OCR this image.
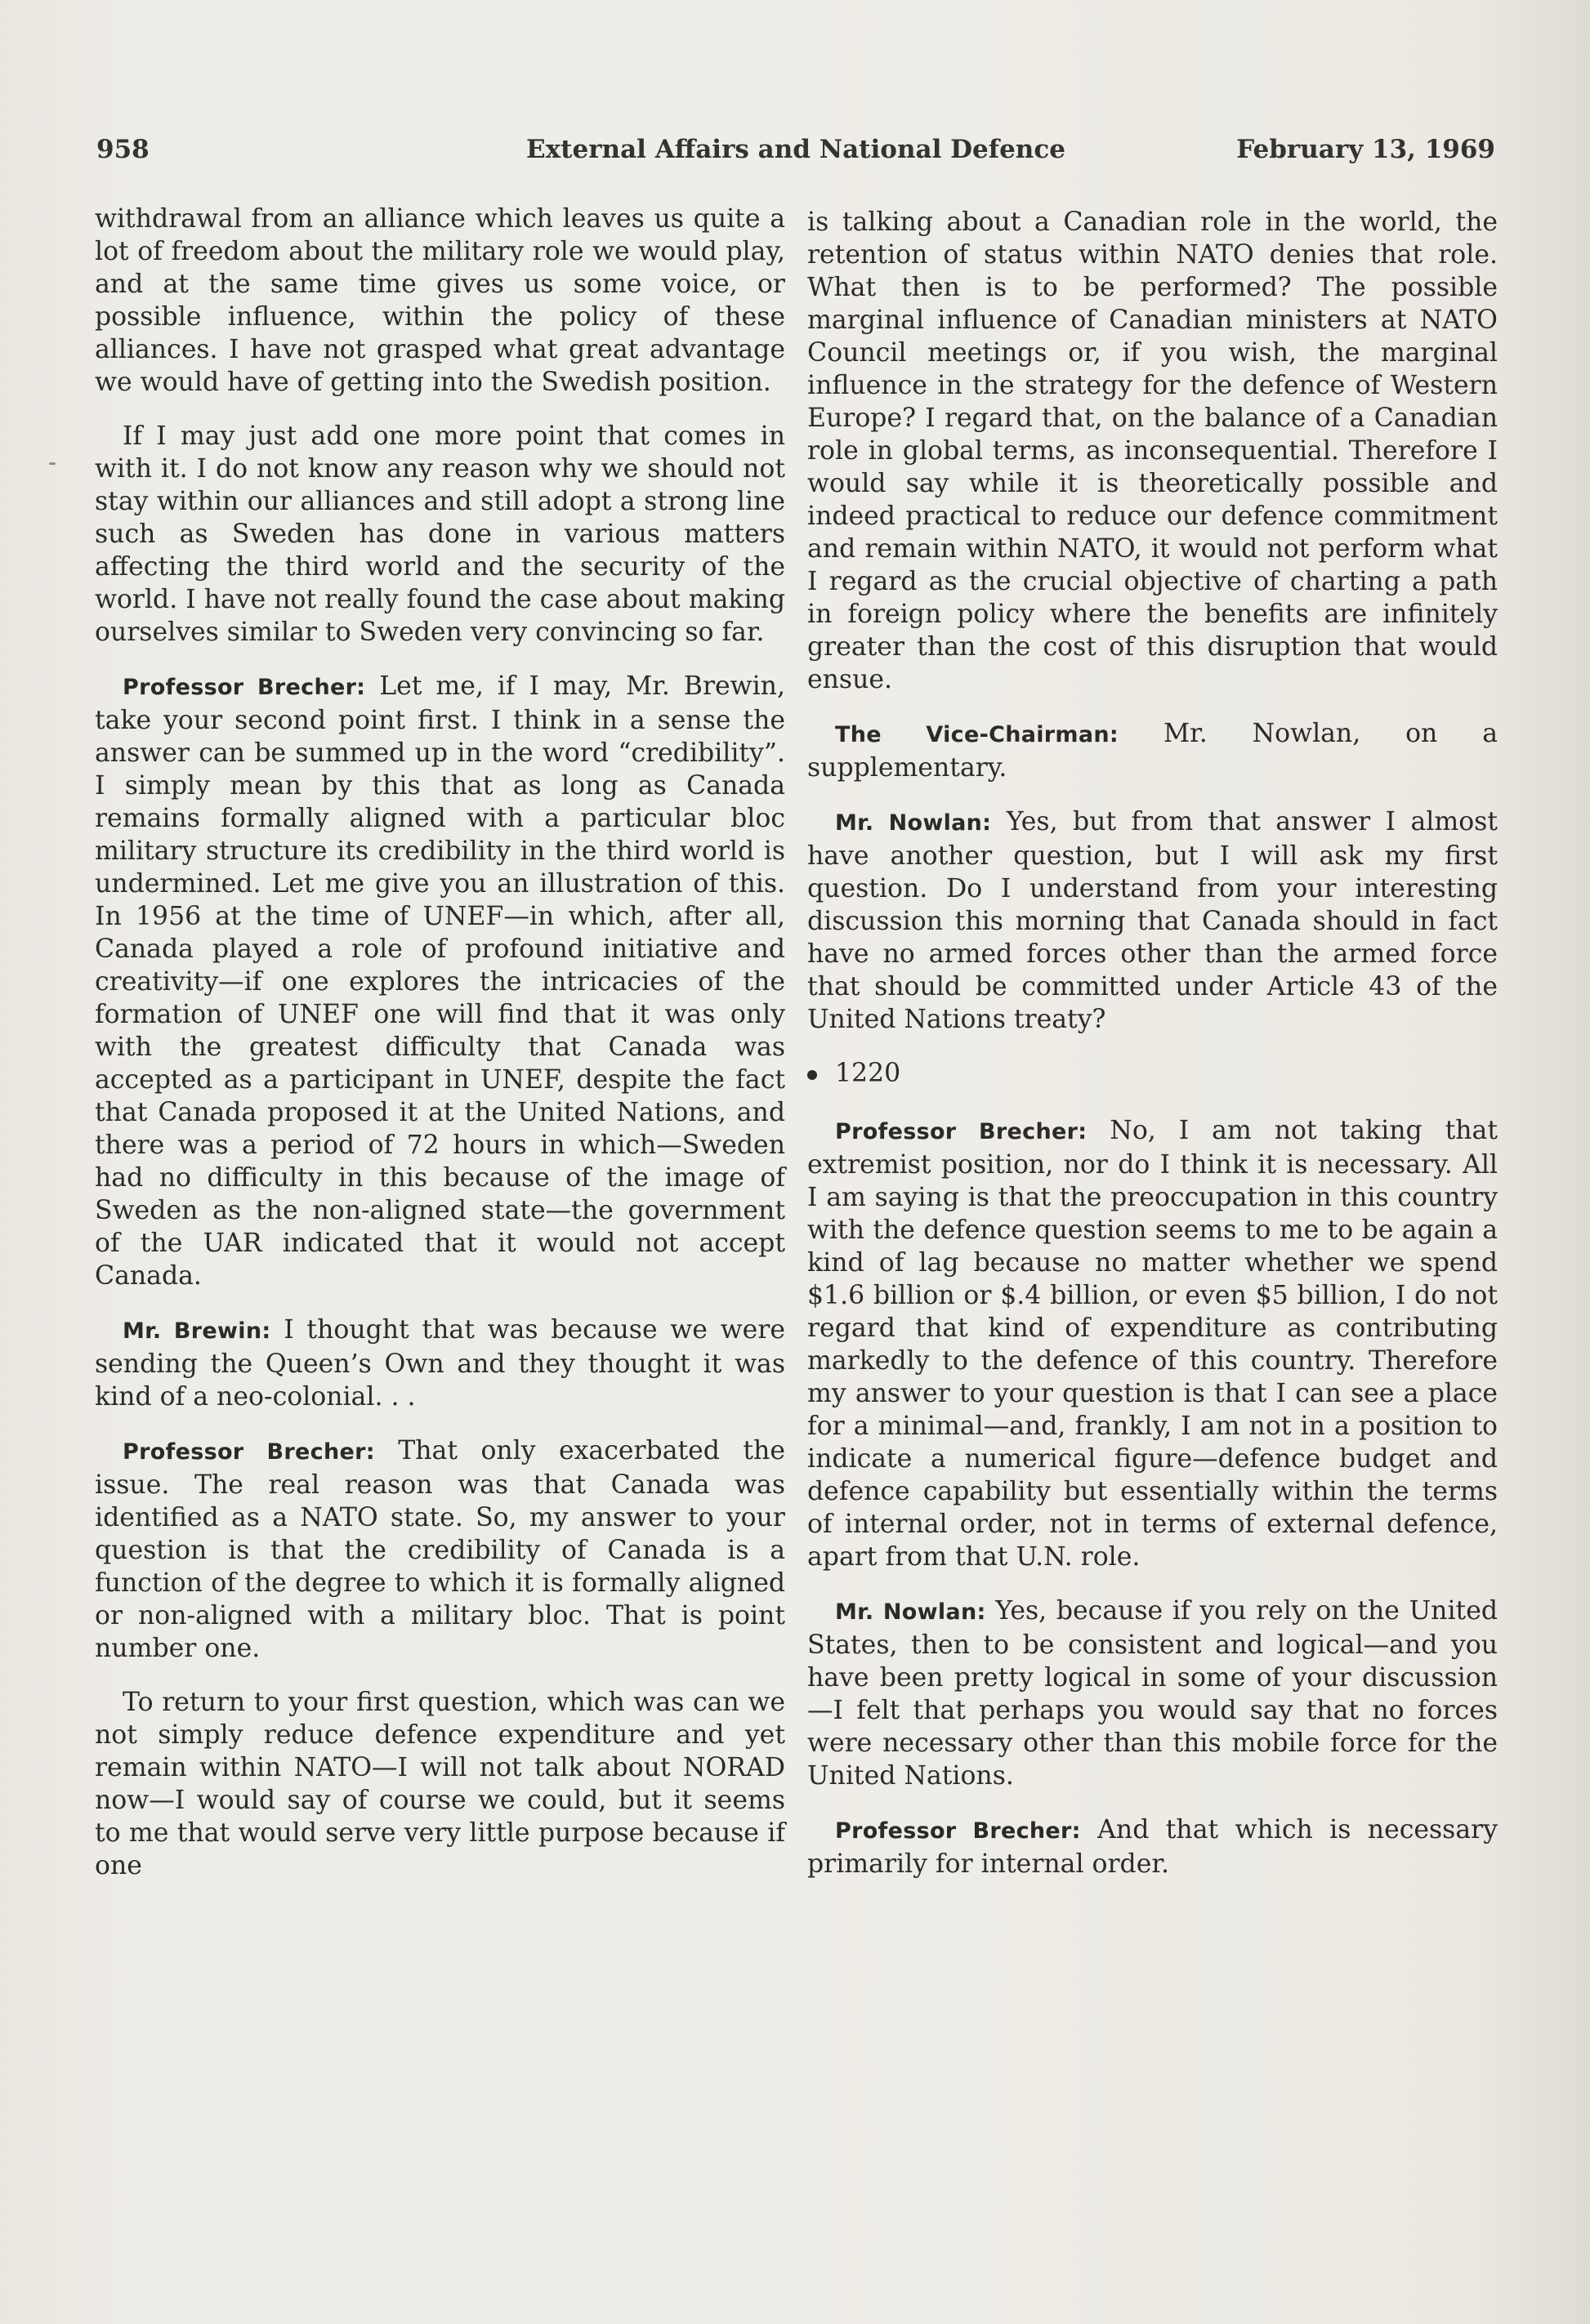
958	External Affairs and National Defence	February 13, 1969

withdrawal from an alliance which leaves us quite a lot of freedom about the military role we would play, and at the same time gives us some voice, or possible influence, within the policy of these alliances. I have not grasped what great advantage we would have of getting into the Swedish position.

If I may just add one more point that comes in with it. I do not know any reason why we should not stay within our alliances and still adopt a strong line such as Sweden has done in various matters affecting the third world and the security of the world. I have not really found the case about making ourselves similar to Sweden very convincing so far.

Professor Brecher: Let me, if I may, Mr. Brewin, take your second point first. I think in a sense the answer can be summed up in the word “credibility”. I simply mean by this that as long as Canada remains formally aligned with a particular bloc military structure its credibility in the third world is undermined. Let me give you an illustration of this. In 1956 at the time of UNEF—in which, after all, Canada played a role of profound initiative and creativity—if one explores the intricacies of the formation of UNEF one will find that it was only with the greatest difficulty that Canada was accepted as a participant in UNEF, despite the fact that Canada proposed it at the United Nations, and there was a period of 72 hours in which—Sweden had no difficulty in this because of the image of Sweden as the non-aligned state—the government of the UAR indicated that it would not accept Canada.

Mr. Brewin: I thought that was because we were sending the Queen’s Own and they thought it was kind of a neo-colonial. . .

Professor Brecher: That only exacerbated the issue. The real reason was that Canada was identified as a NATO state. So, my answer to your question is that the credibility of Canada is a function of the degree to which it is formally aligned or non-aligned with a military bloc. That is point number one.

To return to your first question, which was can we not simply reduce defence expenditure and yet remain within NATO—I will not talk about NORAD now—I would say of course we could, but it seems to me that would serve very little purpose because if one

is talking about a Canadian role in the world, the retention of status within NATO denies that role. What then is to be performed? The possible marginal influence of Canadian ministers at NATO Council meetings or, if you wish, the marginal influence in the strategy for the defence of Western Europe? I regard that, on the balance of a Canadian role in global terms, as inconsequential. Therefore I would say while it is theoretically possible and indeed practical to reduce our defence commitment and remain within NATO, it would not perform what I regard as the crucial objective of charting a path in foreign policy where the benefits are infinitely greater than the cost of this disruption that would ensue.

The Vice-Chairman: Mr. Nowlan, on a supplementary.

Mr. Nowlan: Yes, but from that answer I almost have another question, but I will ask my first question. Do I understand from your interesting discussion this morning that Canada should in fact have no armed forces other than the armed force that should be committed under Article 43 of the United Nations treaty?

1220

Professor Brecher: No, I am not taking that extremist position, nor do I think it is necessary. All I am saying is that the preoccupation in this country with the defence question seems to me to be again a kind of lag because no matter whether we spend $1.6 billion or $.4 billion, or even $5 billion, I do not regard that kind of expenditure as contributing markedly to the defence of this country. Therefore my answer to your question is that I can see a place for a minimal—and, frankly, I am not in a position to indicate a numerical figure—defence budget and defence capability but essentially within the terms of internal order, not in terms of external defence, apart from that U.N. role.

Mr. Nowlan: Yes, because if you rely on the United States, then to be consistent and logical—and you have been pretty logical in some of your discussion—I felt that perhaps you would say that no forces were necessary other than this mobile force for the United Nations.

Professor Brecher: And that which is necessary primarily for internal order.
